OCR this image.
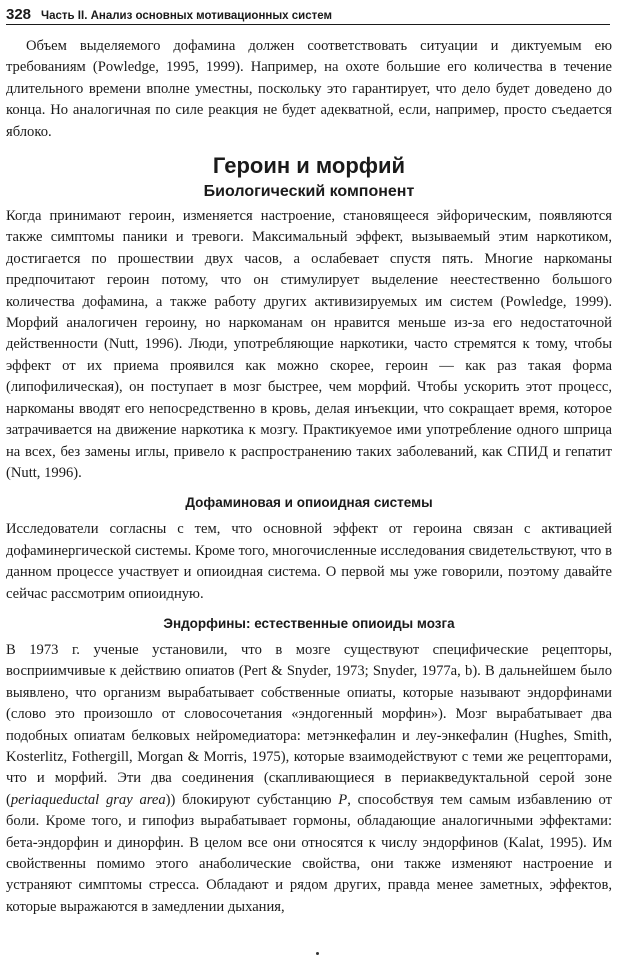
328 Часть II. Анализ основных мотивационных систем

Объем выделяемого дофамина должен соответствовать ситуации и диктуемым ею требованиям (Powledge, 1995, 1999). Например, на охоте большие его количества в течение длительного времени вполне уместны, поскольку это гарантирует, что дело будет доведено до конца. Но аналогичная по силе реакция не будет адекватной, если, например, просто съедается яблоко.

Героин и морфий
Биологический компонент

Когда принимают героин, изменяется настроение, становящееся эйфорическим, появляются также симптомы паники и тревоги. Максимальный эффект, вызываемый этим наркотиком, достигается по прошествии двух часов, а ослабевает спустя пять. Многие наркоманы предпочитают героин потому, что он стимулирует выделение неестественно большого количества дофамина, а также работу других активизируемых им систем (Powledge, 1999). Морфий аналогичен героину, но наркоманам он нравится меньше из-за его недостаточной действенности (Nutt, 1996). Люди, употребляющие наркотики, часто стремятся к тому, чтобы эффект от их приема проявился как можно скорее, героин — как раз такая форма (липофилическая), он поступает в мозг быстрее, чем морфий. Чтобы ускорить этот процесс, наркоманы вводят его непосредственно в кровь, делая инъекции, что сокращает время, которое затрачивается на движение наркотика к мозгу. Практикуемое ими употребление одного шприца на всех, без замены иглы, привело к распространению таких заболеваний, как СПИД и гепатит (Nutt, 1996).

Дофаминовая и опиоидная системы

Исследователи согласны с тем, что основной эффект от героина связан с активацией дофаминергической системы. Кроме того, многочисленные исследования свидетельствуют, что в данном процессе участвует и опиоидная система. О первой мы уже говорили, поэтому давайте сейчас рассмотрим опиоидную.

Эндорфины: естественные опиоиды мозга

В 1973 г. ученые установили, что в мозге существуют специфические рецепторы, восприимчивые к действию опиатов (Pert & Snyder, 1973; Snyder, 1977a, b). В дальнейшем было выявлено, что организм вырабатывает собственные опиаты, которые называют эндорфинами (слово это произошло от словосочетания «эндогенный морфин»). Мозг вырабатывает два подобных опиатам белковых нейромедиатора: метэнкефалин и леу-энкефалин (Hughes, Smith, Kosterlitz, Fothergill, Morgan & Morris, 1975), которые взаимодействуют с теми же рецепторами, что и морфий. Эти два соединения (скапливающиеся в периакведуктальной серой зоне (periaqueductal gray area)) блокируют субстанцию P, способствуя тем самым избавлению от боли. Кроме того, и гипофиз вырабатывает гормоны, обладающие аналогичными эффектами: бета-эндорфин и динорфин. В целом все они относятся к числу эндорфинов (Kalat, 1995). Им свойственны помимо этого анаболические свойства, они также изменяют настроение и устраняют симптомы стресса. Обладают и рядом других, правда менее заметных, эффектов, которые выражаются в замедлении дыхания,
